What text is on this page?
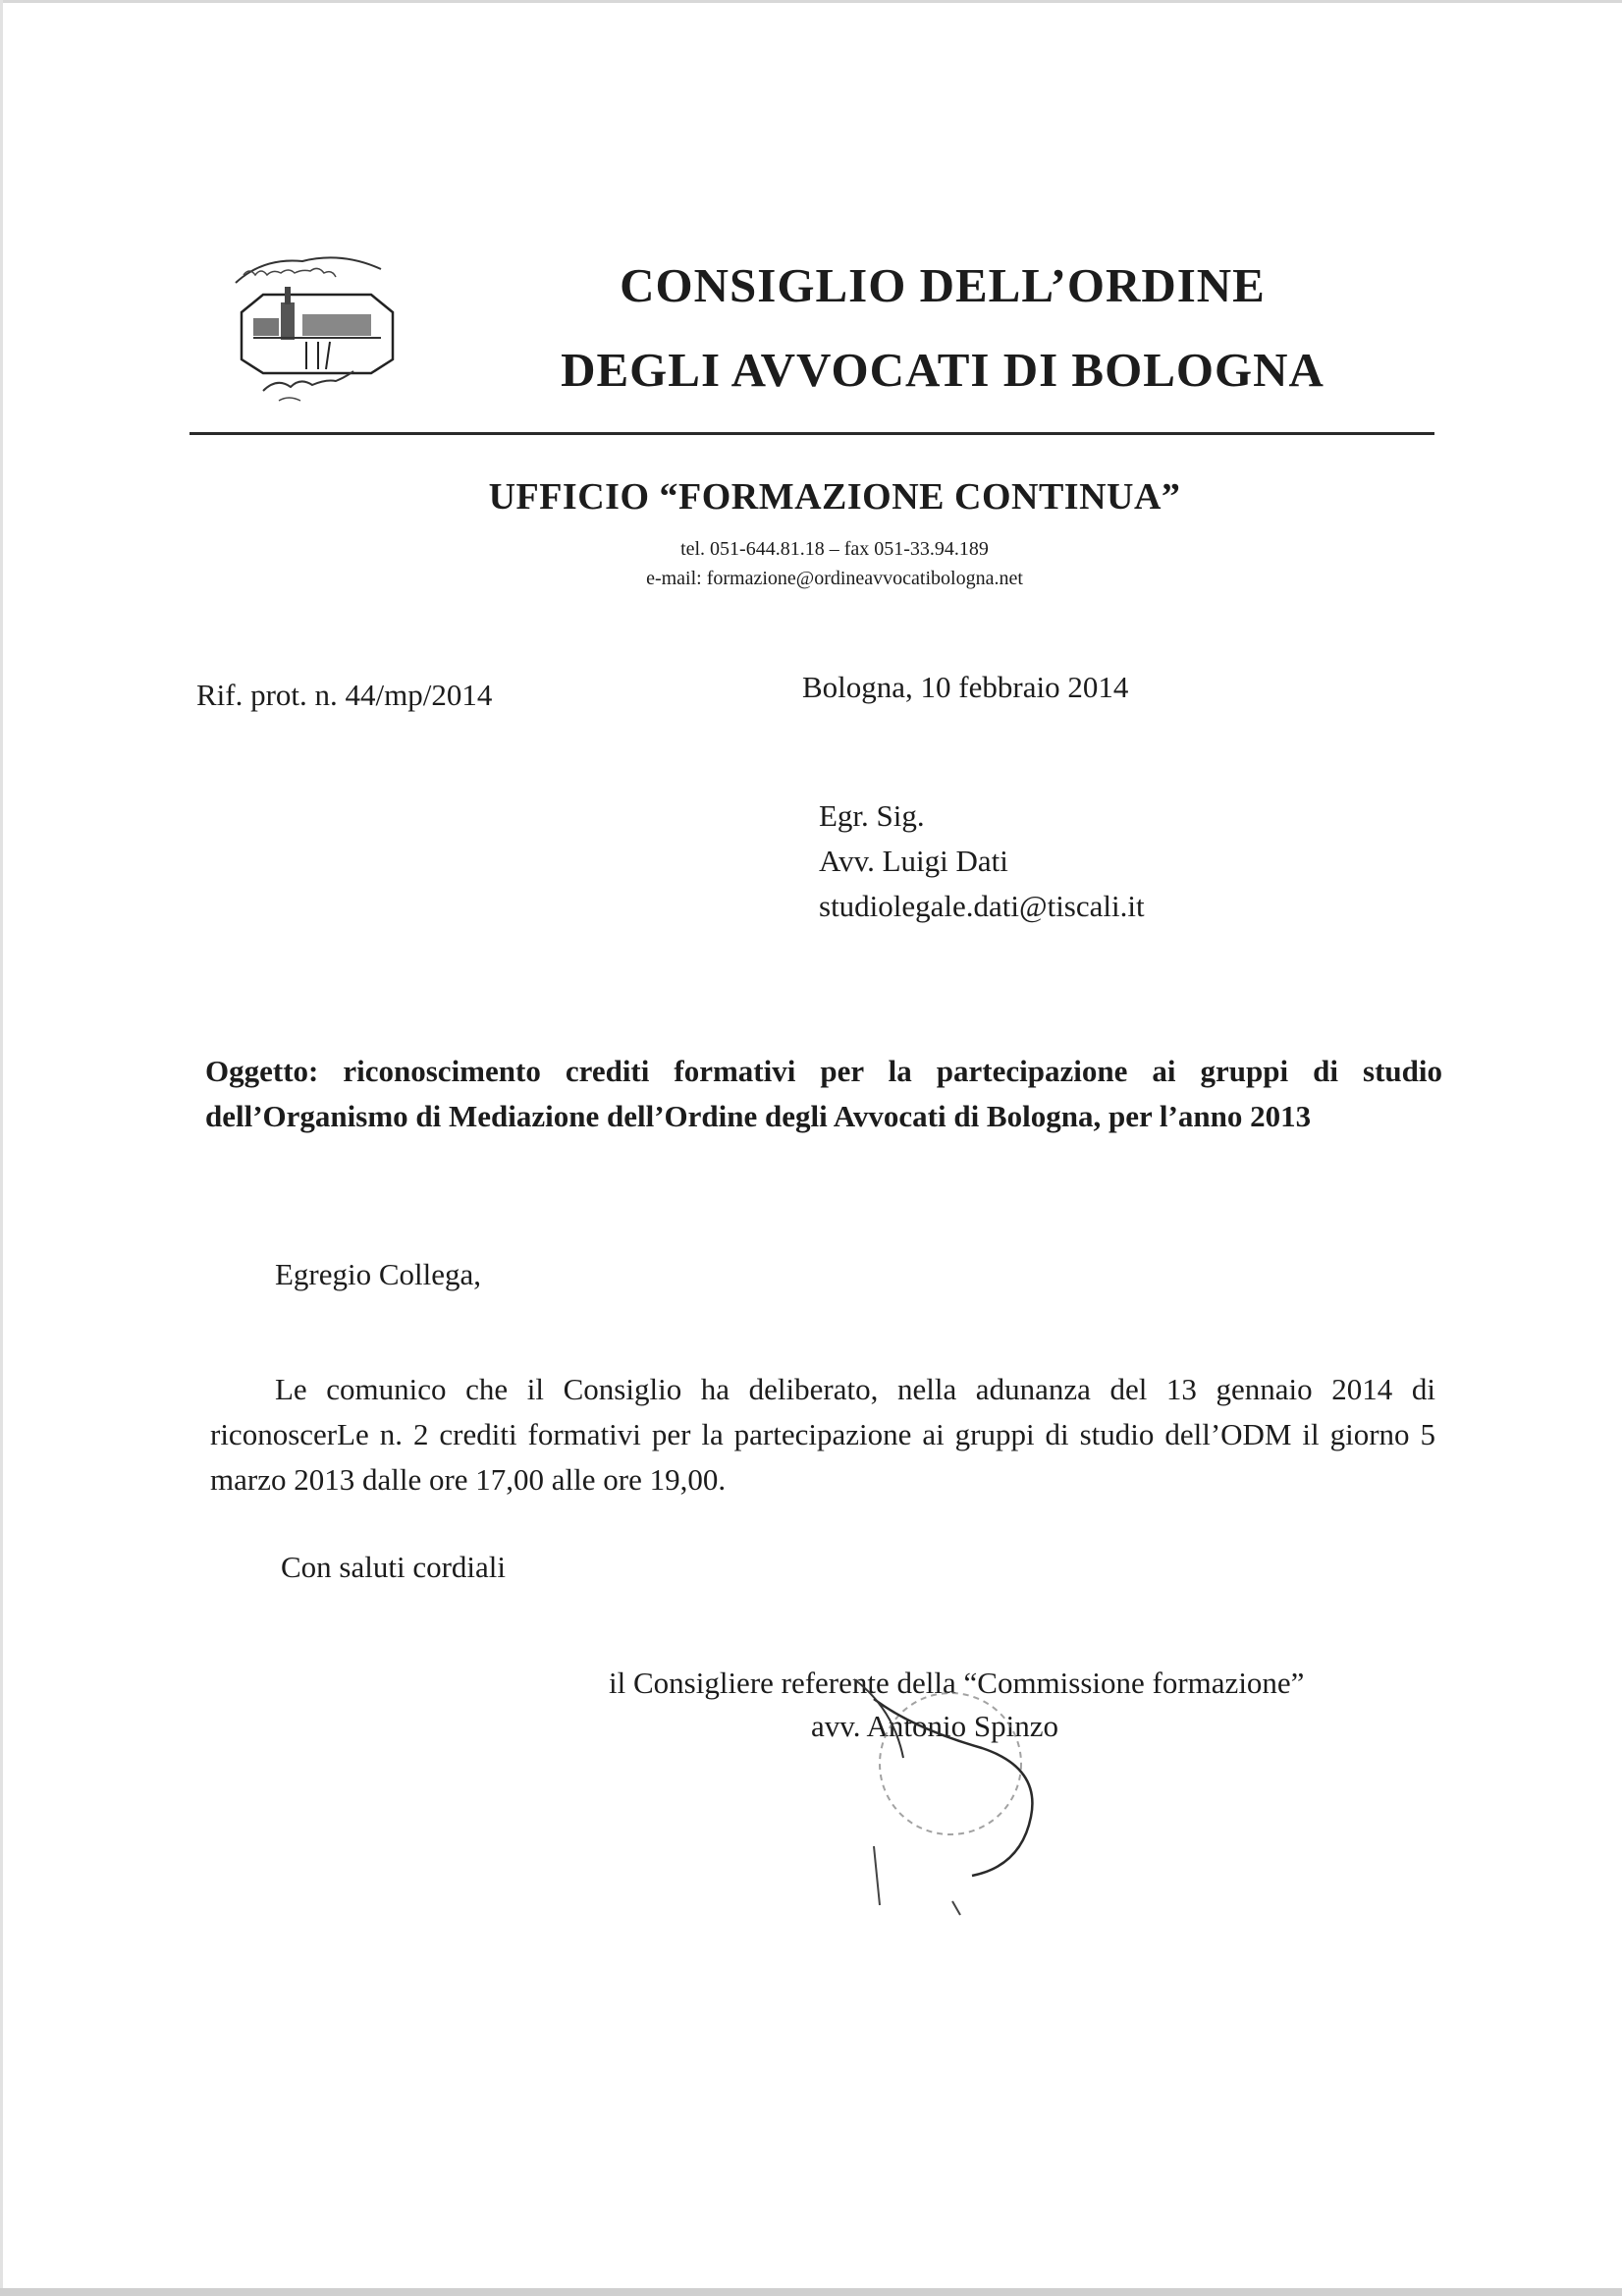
CONSIGLIO DELL’ORDINE
DEGLI AVVOCATI DI BOLOGNA
UFFICIO “FORMAZIONE CONTINUA”
tel. 051-644.81.18 – fax 051-33.94.189
e-mail: formazione@ordineavvocatibologna.net
Rif. prot. n. 44/mp/2014	Bologna, 10 febbraio 2014
Egr. Sig.
Avv. Luigi Dati
studiolegale.dati@tiscali.it
Oggetto: riconoscimento crediti formativi per la partecipazione ai gruppi di studio dell’Organismo di Mediazione dell’Ordine degli Avvocati di Bologna, per l’anno 2013
Egregio Collega,
Le comunico che il Consiglio ha deliberato, nella adunanza del 13 gennaio 2014 di riconoscerLe n. 2 crediti formativi per la partecipazione ai gruppi di studio dell’ODM il giorno 5 marzo 2013 dalle ore 17,00 alle ore 19,00.
Con saluti cordiali
il Consigliere referente della “Commissione formazione”
avv. Antonio Spinzo
